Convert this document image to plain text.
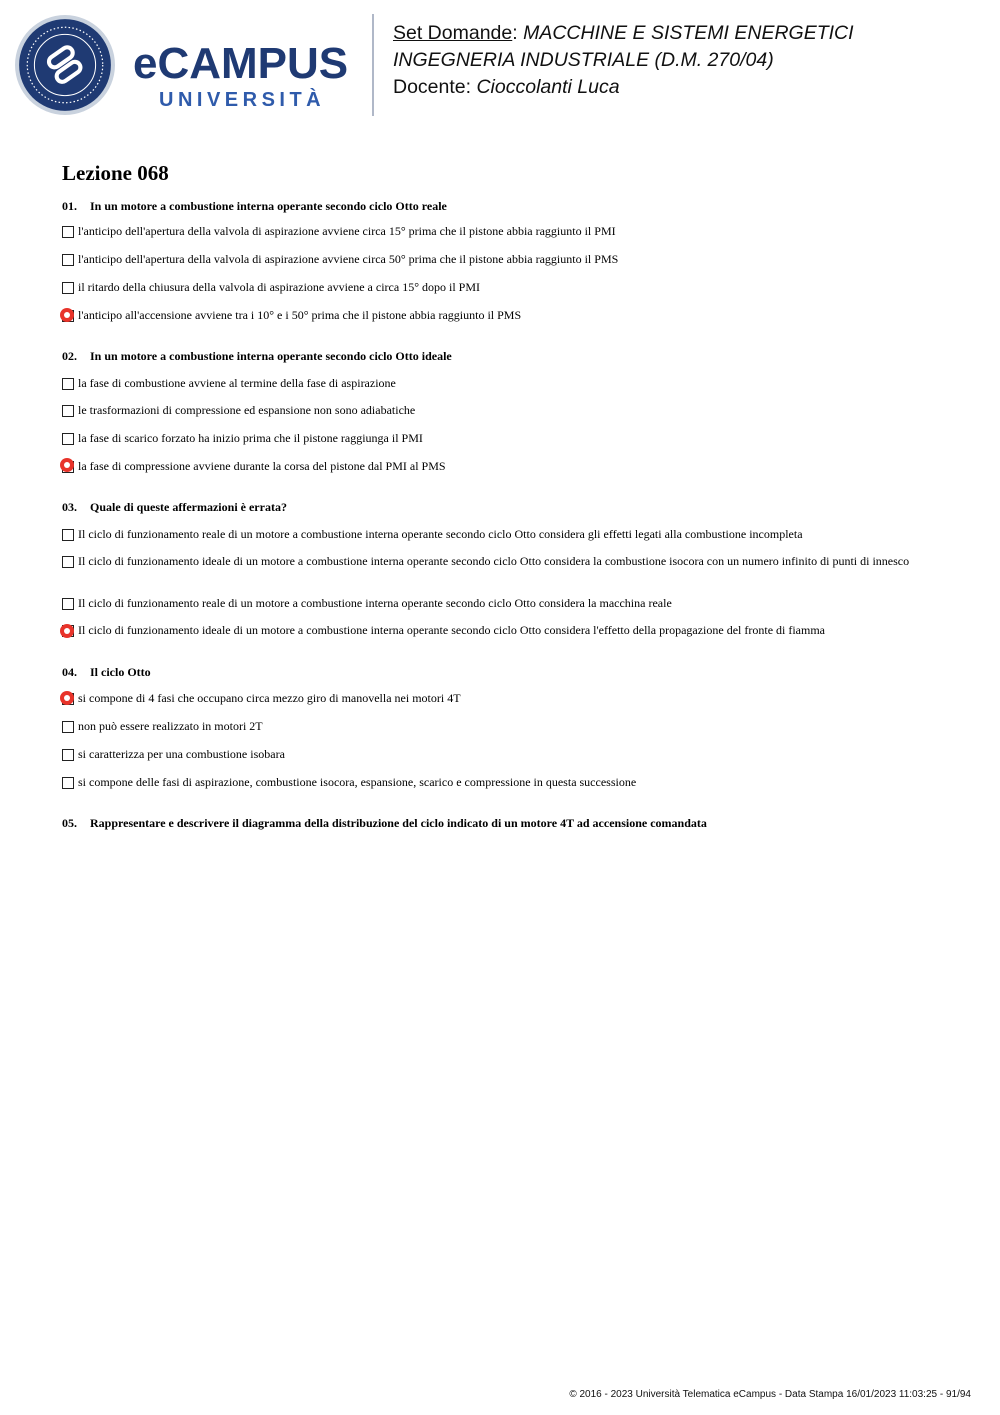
eCAMPUS
UNIVERSITÀ
Set Domande: MACCHINE E SISTEMI ENERGETICI
INGEGNERIA INDUSTRIALE (D.M. 270/04)
Docente: Cioccolanti Luca
Lezione 068
01. In un motore a combustione interna operante secondo ciclo Otto reale
l'anticipo dell'apertura della valvola di aspirazione avviene circa 15° prima che il pistone abbia raggiunto il PMI
l'anticipo dell'apertura della valvola di aspirazione avviene circa 50° prima che il pistone abbia raggiunto il PMS
il ritardo della chiusura della valvola di aspirazione avviene a circa 15° dopo il PMI
l'anticipo all'accensione avviene tra i 10° e i 50° prima che il pistone abbia raggiunto il PMS
02. In un motore a combustione interna operante secondo ciclo Otto ideale
la fase di combustione avviene al termine della fase di aspirazione
le trasformazioni di compressione ed espansione non sono adiabatiche
la fase di scarico forzato ha inizio prima che il pistone raggiunga il PMI
la fase di compressione avviene durante la corsa del pistone dal PMI al PMS
03. Quale di queste affermazioni è errata?
Il ciclo di funzionamento reale di un motore a combustione interna operante secondo ciclo Otto considera gli effetti legati alla combustione incompleta
Il ciclo di funzionamento ideale di un motore a combustione interna operante secondo ciclo Otto considera la combustione isocora con un numero infinito di punti di innesco
Il ciclo di funzionamento reale di un motore a combustione interna operante secondo ciclo Otto considera la macchina reale
Il ciclo di funzionamento ideale di un motore a combustione interna operante secondo ciclo Otto considera l'effetto della propagazione del fronte di fiamma
04. Il ciclo Otto
si compone di 4 fasi che occupano circa mezzo giro di manovella nei motori 4T
non può essere realizzato in motori 2T
si caratterizza per una combustione isobara
si compone delle fasi di aspirazione, combustione isocora, espansione, scarico e compressione in questa successione
05. Rappresentare e descrivere il diagramma della distribuzione del ciclo indicato di un motore 4T ad accensione comandata
© 2016 - 2023 Università Telematica eCampus - Data Stampa 16/01/2023 11:03:25 - 91/94
